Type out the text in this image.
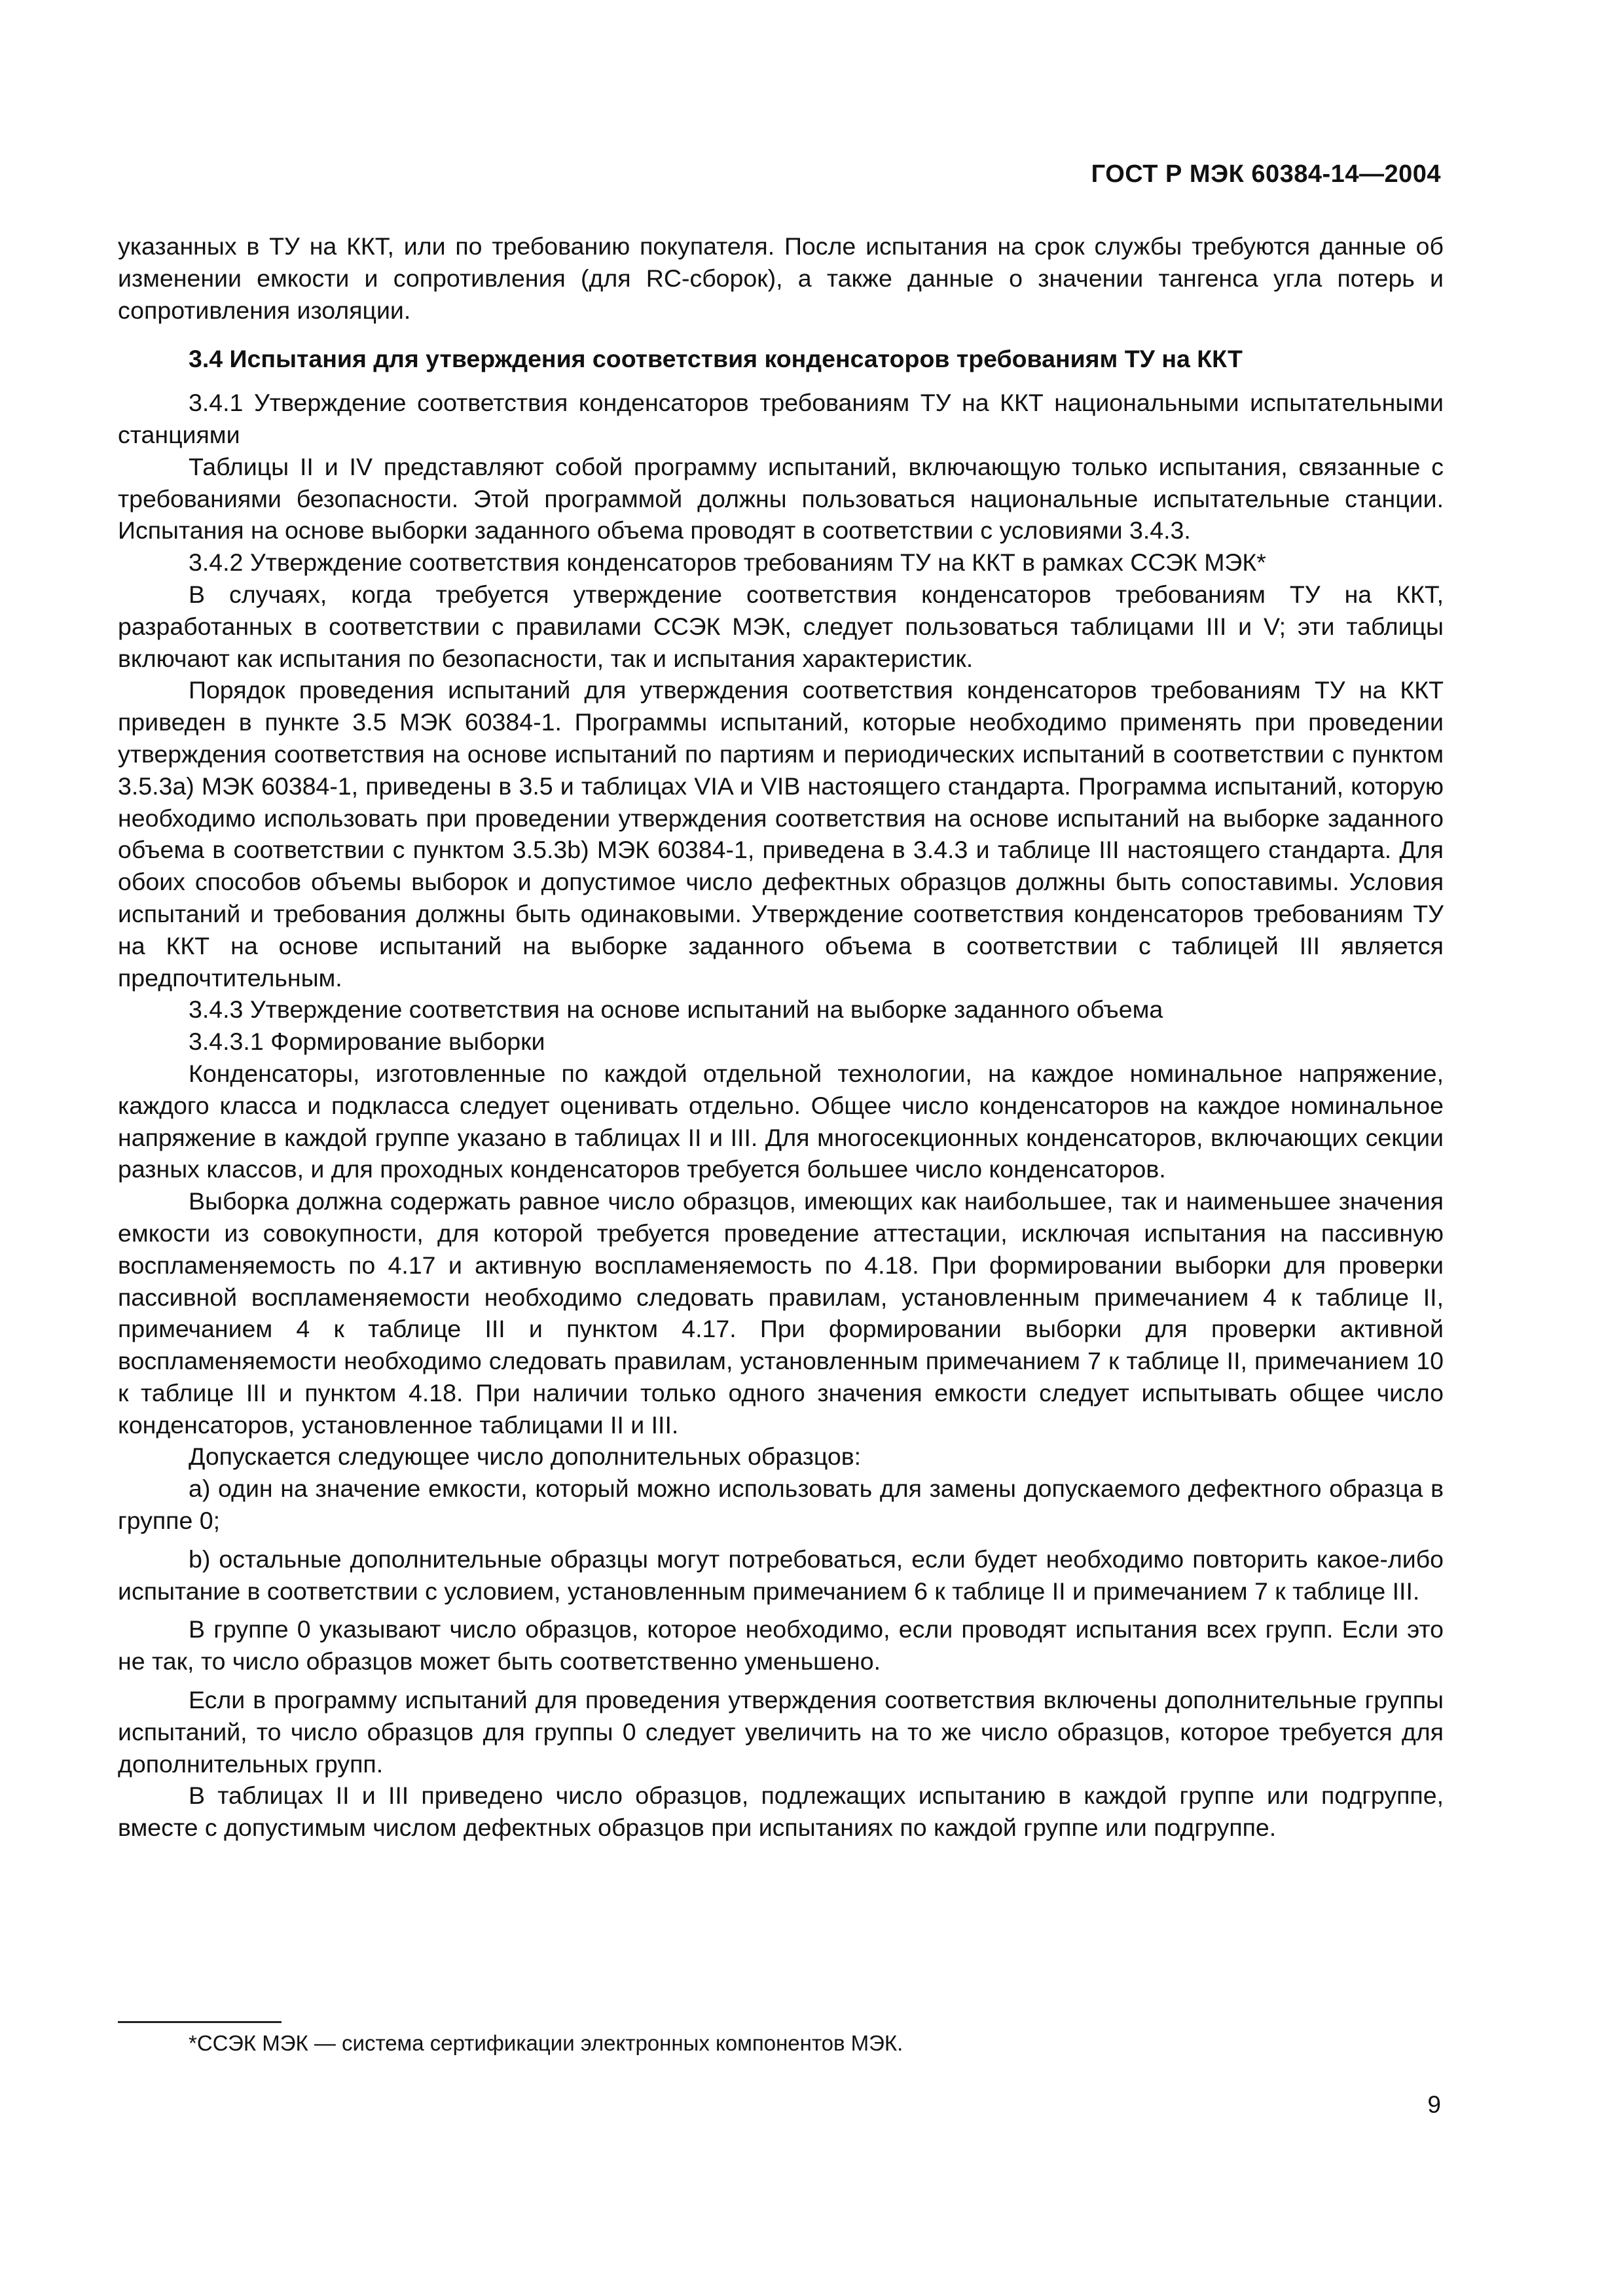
ГОСТ Р МЭК 60384-14—2004

указанных в ТУ на ККТ, или по требованию покупателя. После испытания на срок службы требуются данные об изменении емкости и сопротивления (для RC-сборок), а также данные о значении тангенса угла потерь и сопротивления изоляции.

3.4 Испытания для утверждения соответствия конденсаторов требованиям ТУ на ККТ

3.4.1 Утверждение соответствия конденсаторов требованиям ТУ на ККТ национальными испытательными станциями

Таблицы II и IV представляют собой программу испытаний, включающую только испытания, связанные с требованиями безопасности. Этой программой должны пользоваться национальные испытательные станции. Испытания на основе выборки заданного объема проводят в соответствии с условиями 3.4.3.

3.4.2 Утверждение соответствия конденсаторов требованиям ТУ на ККТ в рамках ССЭК МЭК*

В случаях, когда требуется утверждение соответствия конденсаторов требованиям ТУ на ККТ, разработанных в соответствии с правилами ССЭК МЭК, следует пользоваться таблицами III и V; эти таблицы включают как испытания по безопасности, так и испытания характеристик.

Порядок проведения испытаний для утверждения соответствия конденсаторов требованиям ТУ на ККТ приведен в пункте 3.5 МЭК 60384-1. Программы испытаний, которые необходимо применять при проведении утверждения соответствия на основе испытаний по партиям и периодических испытаний в соответствии с пунктом 3.5.3a) МЭК 60384-1, приведены в 3.5 и таблицах VIA и VIB настоящего стандарта. Программа испытаний, которую необходимо использовать при проведении утверждения соответствия на основе испытаний на выборке заданного объема в соответствии с пунктом 3.5.3b) МЭК 60384-1, приведена в 3.4.3 и таблице III настоящего стандарта. Для обоих способов объемы выборок и допустимое число дефектных образцов должны быть сопоставимы. Условия испытаний и требования должны быть одинаковыми. Утверждение соответствия конденсаторов требованиям ТУ на ККТ на основе испытаний на выборке заданного объема в соответствии с таблицей III является предпочтительным.

3.4.3 Утверждение соответствия на основе испытаний на выборке заданного объема

3.4.3.1 Формирование выборки

Конденсаторы, изготовленные по каждой отдельной технологии, на каждое номинальное напряжение, каждого класса и подкласса следует оценивать отдельно. Общее число конденсаторов на каждое номинальное напряжение в каждой группе указано в таблицах II и III. Для многосекционных конденсаторов, включающих секции разных классов, и для проходных конденсаторов требуется большее число конденсаторов.

Выборка должна содержать равное число образцов, имеющих как наибольшее, так и наименьшее значения емкости из совокупности, для которой требуется проведение аттестации, исключая испытания на пассивную воспламеняемость по 4.17 и активную воспламеняемость по 4.18. При формировании выборки для проверки пассивной воспламеняемости необходимо следовать правилам, установленным примечанием 4 к таблице II, примечанием 4 к таблице III и пунктом 4.17. При формировании выборки для проверки активной воспламеняемости необходимо следовать правилам, установленным примечанием 7 к таблице II, примечанием 10 к таблице III и пунктом 4.18. При наличии только одного значения емкости следует испытывать общее число конденсаторов, установленное таблицами II и III.

Допускается следующее число дополнительных образцов:

а) один на значение емкости, который можно использовать для замены допускаемого дефектного образца в группе 0;

b) остальные дополнительные образцы могут потребоваться, если будет необходимо повторить какое-либо испытание в соответствии с условием, установленным примечанием 6 к таблице II и примечанием 7 к таблице III.

В группе 0 указывают число образцов, которое необходимо, если проводят испытания всех групп. Если это не так, то число образцов может быть соответственно уменьшено.

Если в программу испытаний для проведения утверждения соответствия включены дополнительные группы испытаний, то число образцов для группы 0 следует увеличить на то же число образцов, которое требуется для дополнительных групп.

В таблицах II и III приведено число образцов, подлежащих испытанию в каждой группе или подгруппе, вместе с допустимым числом дефектных образцов при испытаниях по каждой группе или подгруппе.

*ССЭК МЭК — система сертификации электронных компонентов МЭК.
9
